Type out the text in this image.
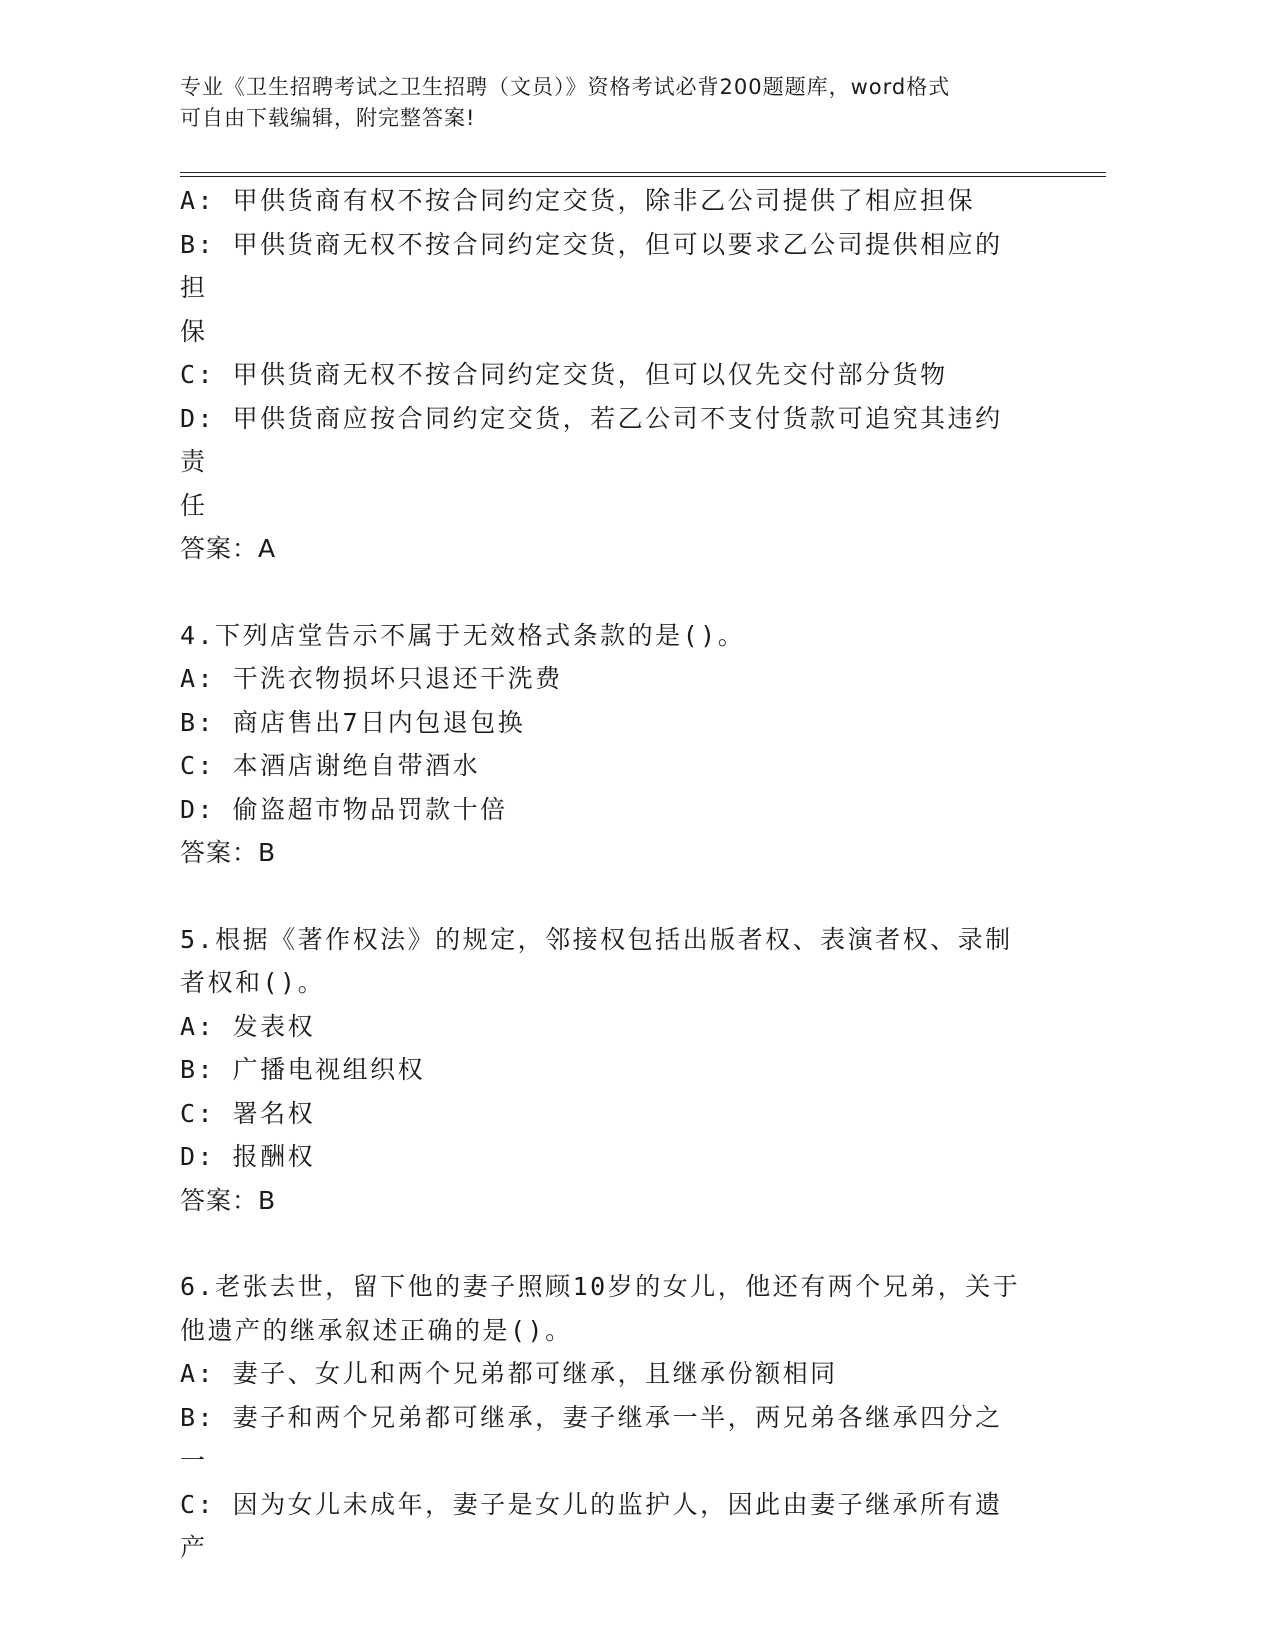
专业《卫生招聘考试之卫生招聘（文员）》资格考试必背200题题库，word格式
可自由下载编辑，附完整答案!
A: 甲供货商有权不按合同约定交货，除非乙公司提供了相应担保
B: 甲供货商无权不按合同约定交货，但可以要求乙公司提供相应的担
保
C: 甲供货商无权不按合同约定交货，但可以仅先交付部分货物
D: 甲供货商应按合同约定交货，若乙公司不支付货款可追究其违约责
任
答案：A
4.下列店堂告示不属于无效格式条款的是()。
A: 干洗衣物损坏只退还干洗费
B: 商店售出7日内包退包换
C: 本酒店谢绝自带酒水
D: 偷盗超市物品罚款十倍
答案：B
5.根据《著作权法》的规定，邻接权包括出版者权、表演者权、录制
者权和()。
A: 发表权
B: 广播电视组织权
C: 署名权
D: 报酬权
答案：B
6.老张去世，留下他的妻子照顾10岁的女儿，他还有两个兄弟，关于
他遗产的继承叙述正确的是()。
A: 妻子、女儿和两个兄弟都可继承，且继承份额相同
B: 妻子和两个兄弟都可继承，妻子继承一半，两兄弟各继承四分之一
C: 因为女儿未成年，妻子是女儿的监护人，因此由妻子继承所有遗产
